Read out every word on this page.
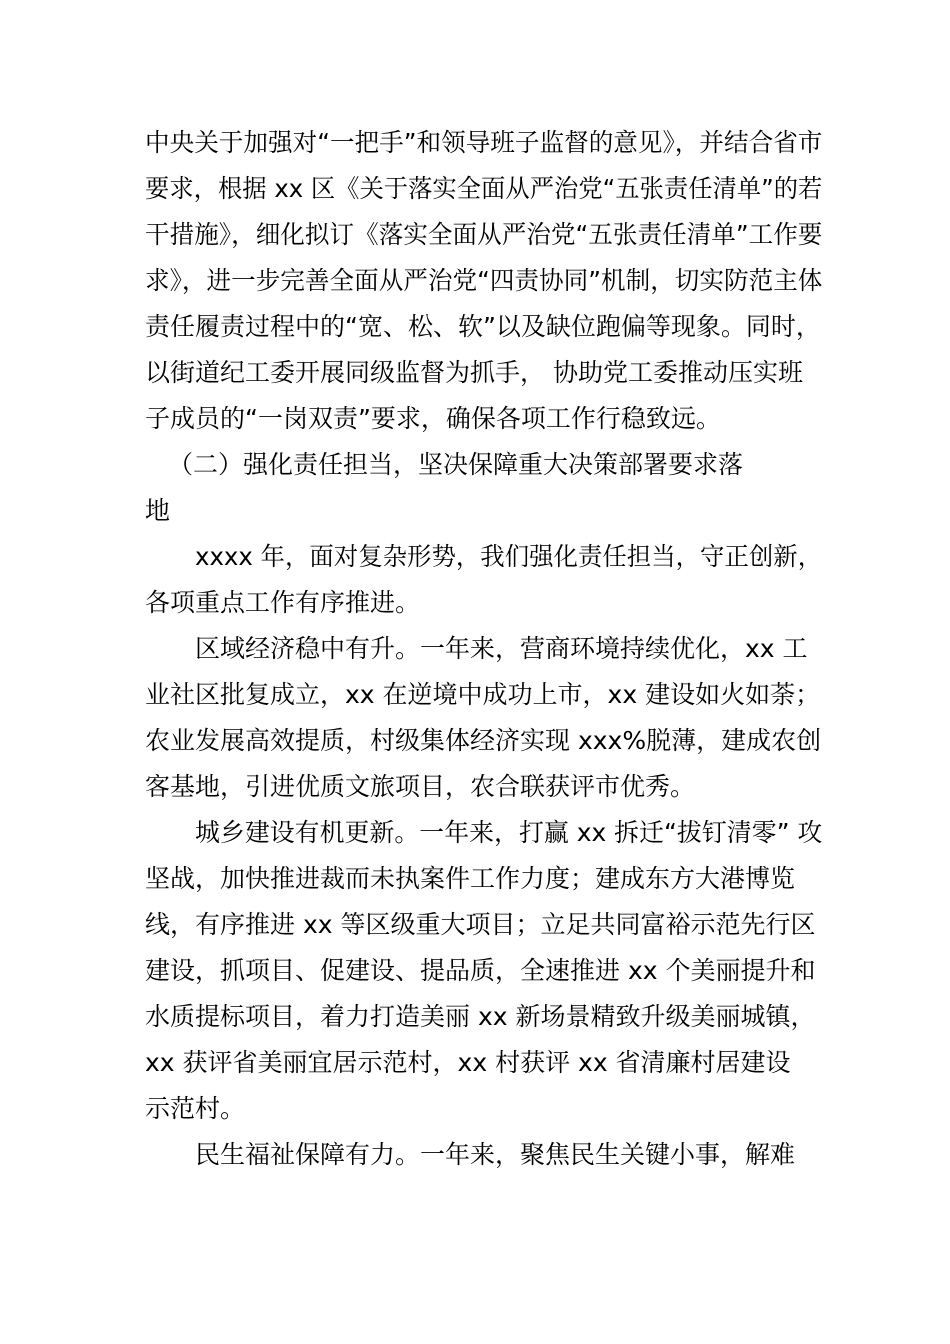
中央关于加强对“一把手”和领导班子监督的意见》，并结合省市

要求，根据 xx 区《关于落实全面从严治党“五张责任清单”的若

干措施》，细化拟订《落实全面从严治党“五张责任清单”工作要

求》，进一步完善全面从严治党“四责协同”机制，切实防范主体

责任履责过程中的“宽、松、软”以及缺位跑偏等现象。同时，

以街道纪工委开展同级监督为抓手， 协助党工委推动压实班

子成员的“一岗双责”要求，确保各项工作行稳致远。

（二）强化责任担当，坚决保障重大决策部署要求落

地

xxxx 年，面对复杂形势，我们强化责任担当，守正创新，

各项重点工作有序推进。

区域经济稳中有升。一年来，营商环境持续优化，xx 工

业社区批复成立，xx 在逆境中成功上市，xx 建设如火如荼；

农业发展高效提质，村级集体经济实现 xxx%脱薄，建成农创

客基地，引进优质文旅项目，农合联获评市优秀。

城乡建设有机更新。一年来，打赢 xx 拆迁“拔钉清零” 攻

坚战，加快推进裁而未执案件工作力度；建成东方大港博览

线，有序推进 xx 等区级重大项目；立足共同富裕示范先行区

建设，抓项目、促建设、提品质，全速推进 xx 个美丽提升和

水质提标项目，着力打造美丽 xx 新场景精致升级美丽城镇，

xx 获评省美丽宜居示范村，xx 村获评 xx 省清廉村居建设

示范村。

民生福祉保障有力。一年来，聚焦民生关键小事，解难
